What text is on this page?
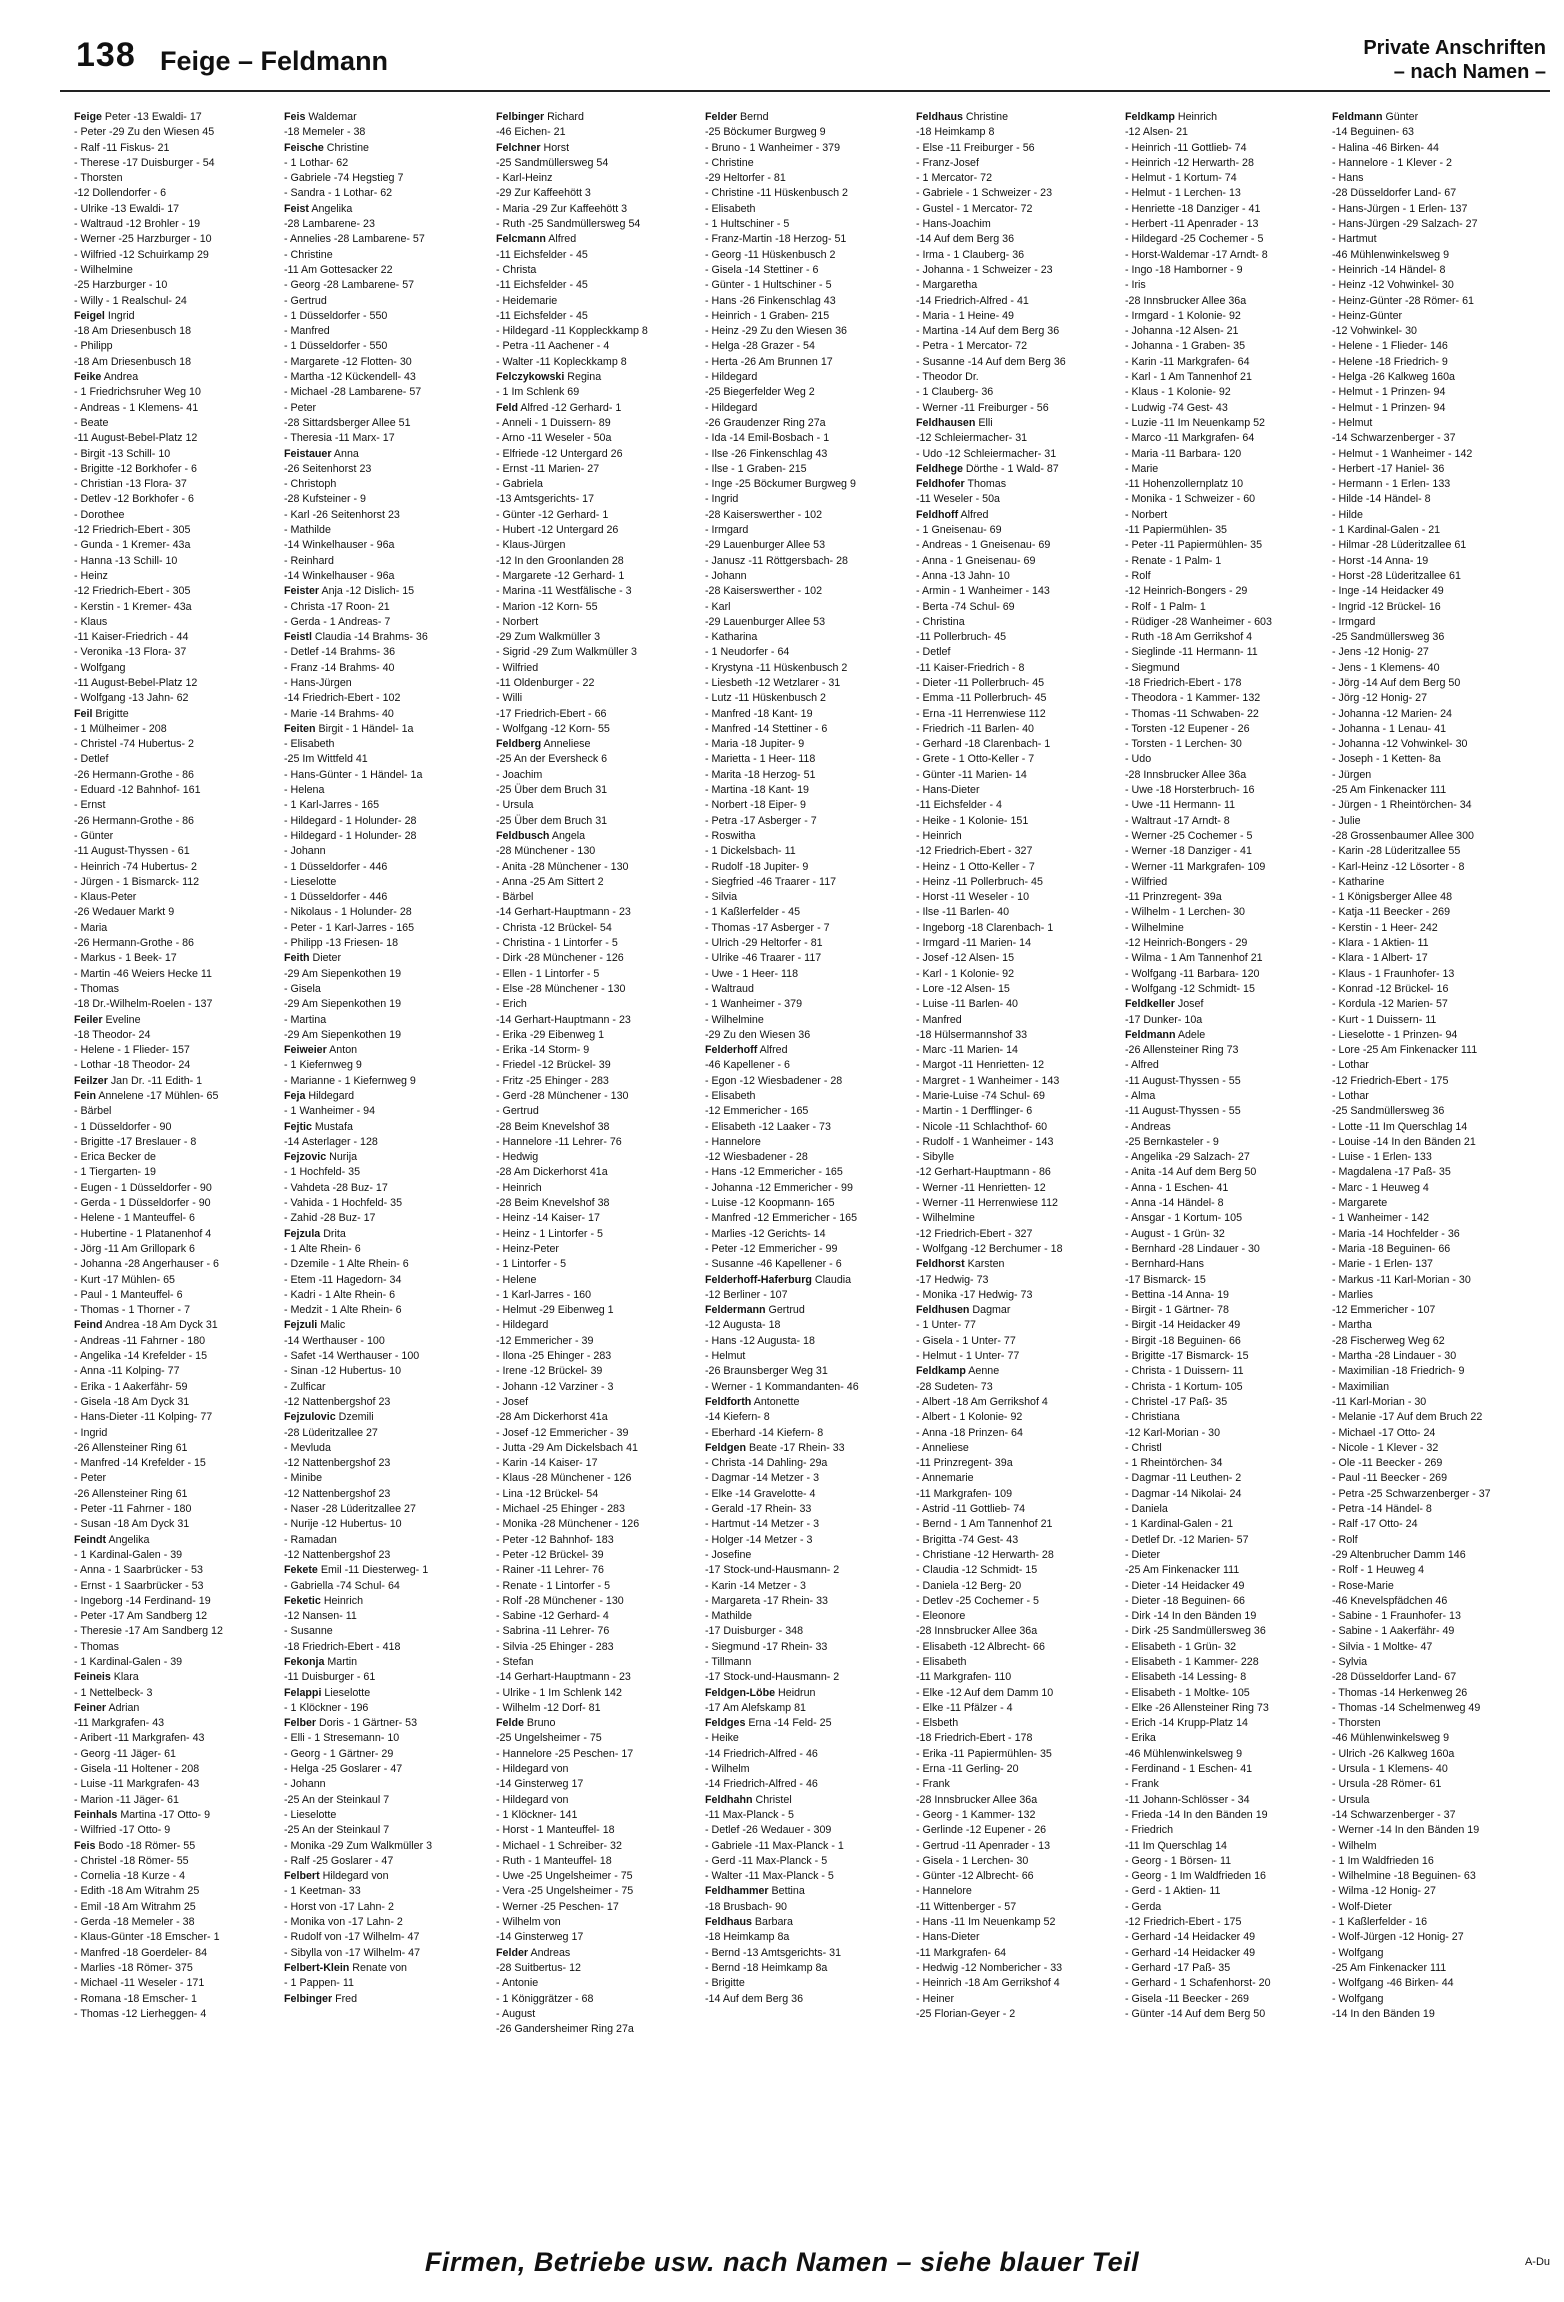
138 Feige – Feldmann	Private Anschriften
– nach Namen –
Feige Peter -13 Ewaldi- 17
- Peter -29 Zu den Wiesen 45
- Ralf -11 Fiskus- 21
- Therese -17 Duisburger - 54
- Thorsten
-12 Dollendorfer - 6
- Ulrike -13 Ewaldi- 17
- Waltraud -12 Brohler - 19
- Werner -25 Harzburger - 10
- Wilfried -12 Schuirkamp 29
- Wilhelmine
-25 Harzburger - 10
- Willy - 1 Realschul- 24
Feigel Ingrid
-18 Am Driesenbusch 18
- Philipp
-18 Am Driesenbusch 18
Feike Andrea
- 1 Friedrichsruher Weg 10
- Andreas - 1 Klemens- 41
- Beate
-11 August-Bebel-Platz 12
- Birgit -13 Schill- 10
- Brigitte -12 Borkhofer - 6
- Christian -13 Flora- 37
- Detlev -12 Borkhofer - 6
- Dorothee
-12 Friedrich-Ebert - 305
- Gunda - 1 Kremer- 43a
- Hanna -13 Schill- 10
- Heinz
-12 Friedrich-Ebert - 305
- Kerstin - 1 Kremer- 43a
- Klaus
-11 Kaiser-Friedrich - 44
- Veronika -13 Flora- 37
- Wolfgang
-11 August-Bebel-Platz 12
- Wolfgang -13 Jahn- 62
Feil Brigitte
- 1 Mülheimer - 208
- Christel -74 Hubertus- 2
- Detlef
-26 Hermann-Grothe - 86
- Eduard -12 Bahnhof- 161
- Ernst
-26 Hermann-Grothe - 86
- Günter
-11 August-Thyssen - 61
- Heinrich -74 Hubertus- 2
- Jürgen - 1 Bismarck- 112
- Klaus-Peter
-26 Wedauer Markt 9
- Maria
-26 Hermann-Grothe - 86
- Markus - 1 Beek- 17
- Martin -46 Weiers Hecke 11
- Thomas
-18 Dr.-Wilhelm-Roelen - 137
Feiler Eveline
-18 Theodor- 24
- Helene - 1 Flieder- 157
- Lothar -18 Theodor- 24
Feilzer Jan Dr. -11 Edith- 1
Fein Annelene -17 Mühlen- 65
- Bärbel
- 1 Düsseldorfer - 90
- Brigitte -17 Breslauer - 8
- Erica Becker de
- 1 Tiergarten- 19
- Eugen - 1 Düsseldorfer - 90
- Gerda - 1 Düsseldorfer - 90
- Helene - 1 Manteuffel- 6
- Hubertine - 1 Platanenhof 4
- Jörg -11 Am Grillopark 6
- Johanna -28 Angerhauser - 6
- Kurt -17 Mühlen- 65
- Paul - 1 Manteuffel- 6
- Thomas - 1 Thorner - 7
Feind Andrea -18 Am Dyck 31
- Andreas -11 Fahrner - 180
- Angelika -14 Krefelder - 15
- Anna -11 Kolping- 77
- Erika - 1 Aakerfähr- 59
- Gisela -18 Am Dyck 31
- Hans-Dieter -11 Kolping- 77
- Ingrid
-26 Allensteiner Ring 61
- Manfred -14 Krefelder - 15
- Peter
-26 Allensteiner Ring 61
- Peter -11 Fahrner - 180
- Susan -18 Am Dyck 31
Feindt Angelika
- 1 Kardinal-Galen - 39
- Anna - 1 Saarbrücker - 53
- Ernst - 1 Saarbrücker - 53
- Ingeborg -14 Ferdinand- 19
- Peter -17 Am Sandberg 12
- Theresie -17 Am Sandberg 12
- Thomas
- 1 Kardinal-Galen - 39
Feineis Klara
- 1 Nettelbeck- 3
Feiner Adrian
-11 Markgrafen- 43
- Aribert -11 Markgrafen- 43
- Georg -11 Jäger- 61
- Gisela -11 Holtener - 208
- Luise -11 Markgrafen- 43
- Marion -11 Jäger- 61
Feinhals Martina -17 Otto- 9
- Wilfried -17 Otto- 9
Feis Bodo -18 Römer- 55
- Christel -18 Römer- 55
- Cornelia -18 Kurze - 4
- Edith -18 Am Witrahm 25
- Emil -18 Am Witrahm 25
- Gerda -18 Memeler - 38
- Klaus-Günter -18 Emscher- 1
- Manfred -18 Goerdeler- 84
- Marlies -18 Römer- 375
- Michael -11 Weseler - 171
- Romana -18 Emscher- 1
- Thomas -12 Lierheggen- 4
Feis Waldemar
-18 Memeler - 38
Feische Christine
- 1 Lothar- 62
- Gabriele -74 Hegstieg 7
- Sandra - 1 Lothar- 62
Feist Angelika
-28 Lambarene- 23
- Annelies -28 Lambarene- 57
- Christine
-11 Am Gottesacker 22
- Georg -28 Lambarene- 57
- Gertrud
- 1 Düsseldorfer - 550
- Manfred
- 1 Düsseldorfer - 550
- Margarete -12 Flotten- 30
- Martha -12 Kückendell- 43
- Michael -28 Lambarene- 57
- Peter
-28 Sittardsberger Allee 51
- Theresia -11 Marx- 17
Feistauer Anna
-26 Seitenhorst 23
- Christoph
-28 Kufsteiner - 9
- Karl -26 Seitenhorst 23
- Mathilde
-14 Winkelhauser - 96a
- Reinhard
-14 Winkelhauser - 96a
Feister Anja -12 Dislich- 15
- Christa -17 Roon- 21
- Gerda - 1 Andreas- 7
Feistl Claudia -14 Brahms- 36
- Detlef -14 Brahms- 36
- Franz -14 Brahms- 40
- Hans-Jürgen
-14 Friedrich-Ebert - 102
- Marie -14 Brahms- 40
Feiten Birgit - 1 Händel- 1a
- Elisabeth
-25 Im Wittfeld 41
- Hans-Günter - 1 Händel- 1a
- Helena
- 1 Karl-Jarres - 165
- Hildegard - 1 Holunder- 28
- Hildegard - 1 Holunder- 28
- Johann
- 1 Düsseldorfer - 446
- Lieselotte
- 1 Düsseldorfer - 446
- Nikolaus - 1 Holunder- 28
- Peter - 1 Karl-Jarres - 165
- Philipp -13 Friesen- 18
Feith Dieter
-29 Am Siepenkothen 19
- Gisela
-29 Am Siepenkothen 19
- Martina
-29 Am Siepenkothen 19
Feiweier Anton
- 1 Kiefernweg 9
- Marianne - 1 Kiefernweg 9
Feja Hildegard
- 1 Wanheimer - 94
Fejtic Mustafa
-14 Asterlager - 128
Fejzovic Nurija
- 1 Hochfeld- 35
- Vahdeta -28 Buz- 17
- Vahida - 1 Hochfeld- 35
- Zahid -28 Buz- 17
Fejzula Drita
- 1 Alte Rhein- 6
- Dzemile - 1 Alte Rhein- 6
- Etem -11 Hagedorn- 34
- Kadri - 1 Alte Rhein- 6
- Medzit - 1 Alte Rhein- 6
Fejzuli Malic
-14 Werthauser - 100
- Safet -14 Werthauser - 100
- Sinan -12 Hubertus- 10
- Zulficar
-12 Nattenbergshof 23
Fejzulovic Dzemili
-28 Lüderitzallee 27
- Mevluda
-12 Nattenbergshof 23
- Minibe
-12 Nattenbergshof 23
- Naser -28 Lüderitzallee 27
- Nurije -12 Hubertus- 10
- Ramadan
-12 Nattenbergshof 23
Fekete Emil -11 Diesterweg- 1
- Gabriella -74 Schul- 64
Feketic Heinrich
-12 Nansen- 11
- Susanne
-18 Friedrich-Ebert - 418
Fekonja Martin
-11 Duisburger - 61
Felappi Lieselotte
- 1 Klöckner - 196
Felber Doris - 1 Gärtner- 53
- Elli - 1 Stresemann- 10
- Georg - 1 Gärtner- 29
- Helga -25 Goslarer - 47
- Johann
-25 An der Steinkaul 7
- Lieselotte
-25 An der Steinkaul 7
- Monika -29 Zum Walkmüller 3
- Ralf -25 Goslarer - 47
Felbert Hildegard von
- 1 Keetman- 33
- Horst von -17 Lahn- 2
- Monika von -17 Lahn- 2
- Rudolf von -17 Wilhelm- 47
- Sibylla von -17 Wilhelm- 47
Felbert-Klein Renate von
- 1 Pappen- 11
Felbinger Fred
Felbinger Richard
-46 Eichen- 21
Felchner Horst
-25 Sandmüllersweg 54
- Karl-Heinz
-29 Zur Kaffeehött 3
- Maria -29 Zur Kaffeehött 3
- Ruth -25 Sandmüllersweg 54
Felcmann Alfred
-11 Eichsfelder - 45
- Christa
-11 Eichsfelder - 45
- Heidemarie
-11 Eichsfelder - 45
- Hildegard -11 Koppleckkamp 8
- Petra -11 Aachener - 4
- Walter -11 Kopleckkamp 8
Felczykowski Regina
- 1 Im Schlenk 69
Feld Alfred -12 Gerhard- 1
- Anneli - 1 Duissern- 89
- Arno -11 Weseler - 50a
- Elfriede -12 Untergard 26
- Ernst -11 Marien- 27
- Gabriela
-13 Amtsgerichts- 17
- Günter -12 Gerhard- 1
- Hubert -12 Untergard 26
- Klaus-Jürgen
-12 In den Groonlanden 28
- Margarete -12 Gerhard- 1
- Marina -11 Westfälische - 3
- Marion -12 Korn- 55
- Norbert
-29 Zum Walkmüller 3
- Sigrid -29 Zum Walkmüller 3
- Wilfried
-11 Oldenburger - 22
- Willi
-17 Friedrich-Ebert - 66
- Wolfgang -12 Korn- 55
Feldberg Anneliese
-25 An der Eversheck 6
- Joachim
-25 Über dem Bruch 31
- Ursula
-25 Über dem Bruch 31
Feldbusch Angela
-28 Münchener - 130
- Anita -28 Münchener - 130
- Anna -25 Am Sittert 2
- Bärbel
-14 Gerhart-Hauptmann - 23
- Christa -12 Brückel- 54
- Christina - 1 Lintorfer - 5
- Dirk -28 Münchener - 126
- Ellen - 1 Lintorfer - 5
- Else -28 Münchener - 130
- Erich
-14 Gerhart-Hauptmann - 23
- Erika -29 Eibenweg 1
- Erika -14 Storm- 9
- Friedel -12 Brückel- 39
- Fritz -25 Ehinger - 283
- Gerd -28 Münchener - 130
- Gertrud
-28 Beim Knevelshof 38
- Hannelore -11 Lehrer- 76
- Hedwig
-28 Am Dickerhorst 41a
- Heinrich
-28 Beim Knevelshof 38
- Heinz -14 Kaiser- 17
- Heinz - 1 Lintorfer - 5
- Heinz-Peter
- 1 Lintorfer - 5
- Helene
- 1 Karl-Jarres - 160
- Helmut -29 Eibenweg 1
- Hildegard
-12 Emmericher - 39
- Ilona -25 Ehinger - 283
- Irene -12 Brückel- 39
- Johann -12 Varziner - 3
- Josef
-28 Am Dickerhorst 41a
- Josef -12 Emmericher - 39
- Jutta -29 Am Dickelsbach 41
- Karin -14 Kaiser- 17
- Klaus -28 Münchener - 126
- Lina -12 Brückel- 54
- Michael -25 Ehinger - 283
- Monika -28 Münchener - 126
- Peter -12 Bahnhof- 183
- Peter -12 Brückel- 39
- Rainer -11 Lehrer- 76
- Renate - 1 Lintorfer - 5
- Rolf -28 Münchener - 130
- Sabine -12 Gerhard- 4
- Sabrina -11 Lehrer- 76
- Silvia -25 Ehinger - 283
- Stefan
-14 Gerhart-Hauptmann - 23
- Ulrike - 1 Im Schlenk 142
- Wilhelm -12 Dorf- 81
Felde Bruno
-25 Ungelsheimer - 75
- Hannelore -25 Peschen- 17
- Hildegard von
-14 Ginsterweg 17
- Hildegard von
- 1 Klöckner- 141
- Horst - 1 Manteuffel- 18
- Michael - 1 Schreiber- 32
- Ruth - 1 Manteuffel- 18
- Uwe -25 Ungelsheimer - 75
- Vera -25 Ungelsheimer - 75
- Werner -25 Peschen- 17
- Wilhelm von
-14 Ginsterweg 17
Felder Andreas
-28 Suitbertus- 12
- Antonie
- 1 Königgrätzer - 68
- August
-26 Gandersheimer Ring 27a
Felder Bernd
-25 Böckumer Burgweg 9
- Bruno - 1 Wanheimer - 379
- Christine
-29 Heltorfer - 81
- Christine -11 Hüskenbusch 2
- Elisabeth
- 1 Hultschiner - 5
- Franz-Martin -18 Herzog- 51
- Georg -11 Hüskenbusch 2
- Gisela -14 Stettiner - 6
- Günter - 1 Hultschiner - 5
- Hans -26 Finkenschlag 43
- Heinrich - 1 Graben- 215
- Heinz -29 Zu den Wiesen 36
- Helga -28 Grazer - 54
- Herta -26 Am Brunnen 17
- Hildegard
-25 Biegerfelder Weg 2
- Hildegard
-26 Graudenzer Ring 27a
- Ida -14 Emil-Bosbach - 1
- Ilse -26 Finkenschlag 43
- Ilse - 1 Graben- 215
- Inge -25 Böckumer Burgweg 9
- Ingrid
-28 Kaiserswerther - 102
- Irmgard
-29 Lauenburger Allee 53
- Janusz -11 Röttgersbach- 28
- Johann
-28 Kaiserswerther - 102
- Karl
-29 Lauenburger Allee 53
- Katharina
- 1 Neudorfer - 64
- Krystyna -11 Hüskenbusch 2
- Liesbeth -12 Wetzlarer - 31
- Lutz -11 Hüskenbusch 2
- Manfred -18 Kant- 19
- Manfred -14 Stettiner - 6
- Maria -18 Jupiter- 9
- Marietta - 1 Heer- 118
- Marita -18 Herzog- 51
- Martina -18 Kant- 19
- Norbert -18 Eiper- 9
- Petra -17 Asberger - 7
- Roswitha
- 1 Dickelsbach- 11
- Rudolf -18 Jupiter- 9
- Siegfried -46 Traarer - 117
- Silvia
- 1 Kaßlerfelder - 45
- Thomas -17 Asberger - 7
- Ulrich -29 Heltorfer - 81
- Ulrike -46 Traarer - 117
- Uwe - 1 Heer- 118
- Waltraud
- 1 Wanheimer - 379
- Wilhelmine
-29 Zu den Wiesen 36
Felderhoff Alfred
-46 Kapellener - 6
- Egon -12 Wiesbadener - 28
- Elisabeth
-12 Emmericher - 165
- Elisabeth -12 Laaker - 73
- Hannelore
-12 Wiesbadener - 28
- Hans -12 Emmericher - 165
- Johanna -12 Emmericher - 99
- Luise -12 Koopmann- 165
- Manfred -12 Emmericher - 165
- Marlies -12 Gerichts- 14
- Peter -12 Emmericher - 99
- Susanne -46 Kapellener - 6
Felderhoff-Haferburg Claudia
-12 Berliner - 107
Feldermann Gertrud
-12 Augusta- 18
- Hans -12 Augusta- 18
- Helmut
-26 Braunsberger Weg 31
- Werner - 1 Kommandanten- 46
Feldforth Antonette
-14 Kiefern- 8
- Eberhard -14 Kiefern- 8
Feldgen Beate -17 Rhein- 33
- Christa -14 Dahling- 29a
- Dagmar -14 Metzer - 3
- Elke -14 Gravelotte- 4
- Gerald -17 Rhein- 33
- Hartmut -14 Metzer - 3
- Holger -14 Metzer - 3
- Josefine
-17 Stock-und-Hausmann- 2
- Karin -14 Metzer - 3
- Margareta -17 Rhein- 33
- Mathilde
-17 Duisburger - 348
- Siegmund -17 Rhein- 33
- Tillmann
-17 Stock-und-Hausmann- 2
Feldgen-Löbe Heidrun
-17 Am Alefskamp 81
Feldges Erna -14 Feld- 25
- Heike
-14 Friedrich-Alfred - 46
- Wilhelm
-14 Friedrich-Alfred - 46
Feldhahn Christel
-11 Max-Planck - 5
- Detlef -26 Wedauer - 309
- Gabriele -11 Max-Planck - 1
- Gerd -11 Max-Planck - 5
- Walter -11 Max-Planck - 5
Feldhammer Bettina
-18 Brusbach- 90
Feldhaus Barbara
-18 Heimkamp 8a
- Bernd -13 Amtsgerichts- 31
- Bernd -18 Heimkamp 8a
- Brigitte
-14 Auf dem Berg 36
Feldhaus Christine
-18 Heimkamp 8
- Else -11 Freiburger - 56
- Franz-Josef
- 1 Mercator- 72
- Gabriele - 1 Schweizer - 23
- Gustel - 1 Mercator- 72
- Hans-Joachim
-14 Auf dem Berg 36
- Irma - 1 Clauberg- 36
- Johanna - 1 Schweizer - 23
- Margaretha
-14 Friedrich-Alfred - 41
- Maria - 1 Heine- 49
- Martina -14 Auf dem Berg 36
- Petra - 1 Mercator- 72
- Susanne -14 Auf dem Berg 36
- Theodor Dr.
- 1 Clauberg- 36
- Werner -11 Freiburger - 56
Feldhausen Elli
-12 Schleiermacher- 31
- Udo -12 Schleiermacher- 31
Feldhege Dörthe - 1 Wald- 87
Feldhofer Thomas
-11 Weseler - 50a
Feldhoff Alfred
- 1 Gneisenau- 69
- Andreas - 1 Gneisenau- 69
- Anna - 1 Gneisenau- 69
- Anna -13 Jahn- 10
- Armin - 1 Wanheimer - 143
- Berta -74 Schul- 69
- Christina
-11 Pollerbruch- 45
- Detlef
-11 Kaiser-Friedrich - 8
- Dieter -11 Pollerbruch- 45
- Emma -11 Pollerbruch- 45
- Erna -11 Herrenwiese 112
- Friedrich -11 Barlen- 40
- Gerhard -18 Clarenbach- 1
- Grete - 1 Otto-Keller - 7
- Günter -11 Marien- 14
- Hans-Dieter
-11 Eichsfelder - 4
- Heike - 1 Kolonie- 151
- Heinrich
-12 Friedrich-Ebert - 327
- Heinz - 1 Otto-Keller - 7
- Heinz -11 Pollerbruch- 45
- Horst -11 Weseler - 10
- Ilse -11 Barlen- 40
- Ingeborg -18 Clarenbach- 1
- Irmgard -11 Marien- 14
- Josef -12 Alsen- 15
- Karl - 1 Kolonie- 92
- Lore -12 Alsen- 15
- Luise -11 Barlen- 40
- Manfred
-18 Hülsermannshof 33
- Marc -11 Marien- 14
- Margot -11 Henrietten- 12
- Margret - 1 Wanheimer - 143
- Marie-Luise -74 Schul- 69
- Martin - 1 Derfflinger- 6
- Nicole -11 Schlachthof- 60
- Rudolf - 1 Wanheimer - 143
- Sibylle
-12 Gerhart-Hauptmann - 86
- Werner -11 Henrietten- 12
- Werner -11 Herrenwiese 112
- Wilhelmine
-12 Friedrich-Ebert - 327
- Wolfgang -12 Berchumer - 18
Feldhorst Karsten
-17 Hedwig- 73
- Monika -17 Hedwig- 73
Feldhusen Dagmar
- 1 Unter- 77
- Gisela - 1 Unter- 77
- Helmut - 1 Unter- 77
Feldkamp Aenne
-28 Sudeten- 73
- Albert -18 Am Gerrikshof 4
- Albert - 1 Kolonie- 92
- Anna -18 Prinzen- 64
- Anneliese
-11 Prinzregent- 39a
- Annemarie
-11 Markgrafen- 109
- Astrid -11 Gottlieb- 74
- Bernd - 1 Am Tannenhof 21
- Brigitta -74 Gest- 43
- Christiane -12 Herwarth- 28
- Claudia -12 Schmidt- 15
- Daniela -12 Berg- 20
- Detlev -25 Cochemer - 5
- Eleonore
-28 Innsbrucker Allee 36a
- Elisabeth -12 Albrecht- 66
- Elisabeth
-11 Markgrafen- 110
- Elke -12 Auf dem Damm 10
- Elke -11 Pfälzer - 4
- Elsbeth
-18 Friedrich-Ebert - 178
- Erika -11 Papiermühlen- 35
- Erna -11 Gerling- 20
- Frank
-28 Innsbrucker Allee 36a
- Georg - 1 Kammer- 132
- Gerlinde -12 Eupener - 26
- Gertrud -11 Apenrader - 13
- Gisela - 1 Lerchen- 30
- Günter -12 Albrecht- 66
- Hannelore
-11 Wittenberger - 57
- Hans -11 Im Neuenkamp 52
- Hans-Dieter
-11 Markgrafen- 64
- Hedwig -12 Nombericher - 33
- Heinrich -18 Am Gerrikshof 4
- Heiner
-25 Florian-Geyer - 2
Feldkamp Heinrich
-12 Alsen- 21
- Heinrich -11 Gottlieb- 74
- Heinrich -12 Herwarth- 28
- Helmut - 1 Kortum- 74
- Helmut - 1 Lerchen- 13
- Henriette -18 Danziger - 41
- Herbert -11 Apenrader - 13
- Hildegard -25 Cochemer - 5
- Horst-Waldemar -17 Arndt- 8
- Ingo -18 Hamborner - 9
- Iris
-28 Innsbrucker Allee 36a
- Irmgard - 1 Kolonie- 92
- Johanna -12 Alsen- 21
- Johanna - 1 Graben- 35
- Karin -11 Markgrafen- 64
- Karl - 1 Am Tannenhof 21
- Klaus - 1 Kolonie- 92
- Ludwig -74 Gest- 43
- Luzie -11 Im Neuenkamp 52
- Marco -11 Markgrafen- 64
- Maria -11 Barbara- 120
- Marie
-11 Hohenzollernplatz 10
- Monika - 1 Schweizer - 60
- Norbert
-11 Papiermühlen- 35
- Peter -11 Papiermühlen- 35
- Renate - 1 Palm- 1
- Rolf
-12 Heinrich-Bongers - 29
- Rolf - 1 Palm- 1
- Rüdiger -28 Wanheimer - 603
- Ruth -18 Am Gerrikshof 4
- Sieglinde -11 Hermann- 11
- Siegmund
-18 Friedrich-Ebert - 178
- Theodora - 1 Kammer- 132
- Thomas -11 Schwaben- 22
- Torsten -12 Eupener - 26
- Torsten - 1 Lerchen- 30
- Udo
-28 Innsbrucker Allee 36a
- Uwe -18 Horsterbruch- 16
- Uwe -11 Hermann- 11
- Waltraut -17 Arndt- 8
- Werner -25 Cochemer - 5
- Werner -18 Danziger - 41
- Werner -11 Markgrafen- 109
- Wilfried
-11 Prinzregent- 39a
- Wilhelm - 1 Lerchen- 30
- Wilhelmine
-12 Heinrich-Bongers - 29
- Wilma - 1 Am Tannenhof 21
- Wolfgang -11 Barbara- 120
- Wolfgang -12 Schmidt- 15
Feldkeller Josef
-17 Dunker- 10a
Feldmann Adele
-26 Allensteiner Ring 73
- Alfred
-11 August-Thyssen - 55
- Alma
-11 August-Thyssen - 55
- Andreas
-25 Bernkasteler - 9
- Angelika -29 Salzach- 27
- Anita -14 Auf dem Berg 50
- Anna - 1 Eschen- 41
- Anna -14 Händel- 8
- Ansgar - 1 Kortum- 105
- August - 1 Grün- 32
- Bernhard -28 Lindauer - 30
- Bernhard-Hans
-17 Bismarck- 15
- Bettina -14 Anna- 19
- Birgit - 1 Gärtner- 78
- Birgit -14 Heidacker 49
- Birgit -18 Beguinen- 66
- Brigitte -17 Bismarck- 15
- Christa - 1 Duissern- 11
- Christa - 1 Kortum- 105
- Christel -17 Paß- 35
- Christiana
-12 Karl-Morian - 30
- Christl
- 1 Rheintörchen- 34
- Dagmar -11 Leuthen- 2
- Dagmar -14 Nikolai- 24
- Daniela
- 1 Kardinal-Galen - 21
- Detlef Dr. -12 Marien- 57
- Dieter
-25 Am Finkenacker 111
- Dieter -14 Heidacker 49
- Dieter -18 Beguinen- 66
- Dirk -14 In den Bänden 19
- Dirk -25 Sandmüllersweg 36
- Elisabeth - 1 Grün- 32
- Elisabeth - 1 Kammer- 228
- Elisabeth -14 Lessing- 8
- Elisabeth - 1 Moltke- 105
- Elke -26 Allensteiner Ring 73
- Erich -14 Krupp-Platz 14
- Erika
-46 Mühlenwinkelsweg 9
- Ferdinand - 1 Eschen- 41
- Frank
-11 Johann-Schlösser - 34
- Frieda -14 In den Bänden 19
- Friedrich
-11 Im Querschlag 14
- Georg - 1 Börsen- 11
- Georg - 1 Im Waldfrieden 16
- Gerd - 1 Aktien- 11
- Gerda
-12 Friedrich-Ebert - 175
- Gerhard -14 Heidacker 49
- Gerhard -14 Heidacker 49
- Gerhard -17 Paß- 35
- Gerhard - 1 Schafenhorst- 20
- Gisela -11 Beecker - 269
- Günter -14 Auf dem Berg 50
Feldmann Günter
-14 Beguinen- 63
- Halina -46 Birken- 44
- Hannelore - 1 Klever - 2
- Hans
-28 Düsseldorfer Land- 67
- Hans-Jürgen - 1 Erlen- 137
- Hans-Jürgen -29 Salzach- 27
- Hartmut
-46 Mühlenwinkelsweg 9
- Heinrich -14 Händel- 8
- Heinz -12 Vohwinkel- 30
- Heinz-Günter -28 Römer- 61
- Heinz-Günter
-12 Vohwinkel- 30
- Helene - 1 Flieder- 146
- Helene -18 Friedrich- 9
- Helga -26 Kalkweg 160a
- Helmut - 1 Prinzen- 94
- Helmut - 1 Prinzen- 94
- Helmut
-14 Schwarzenberger - 37
- Helmut - 1 Wanheimer - 142
- Herbert -17 Haniel- 36
- Hermann - 1 Erlen- 133
- Hilde -14 Händel- 8
- Hilde
- 1 Kardinal-Galen - 21
- Hilmar -28 Lüderitzallee 61
- Horst -14 Anna- 19
- Horst -28 Lüderitzallee 61
- Inge -14 Heidacker 49
- Ingrid -12 Brückel- 16
- Irmgard
-25 Sandmüllersweg 36
- Jens -12 Honig- 27
- Jens - 1 Klemens- 40
- Jörg -14 Auf dem Berg 50
- Jörg -12 Honig- 27
- Johanna -12 Marien- 24
- Johanna - 1 Lenau- 41
- Johanna -12 Vohwinkel- 30
- Joseph - 1 Ketten- 8a
- Jürgen
-25 Am Finkenacker 111
- Jürgen - 1 Rheintörchen- 34
- Julie
-28 Grossenbaumer Allee 300
- Karin -28 Lüderitzallee 55
- Karl-Heinz -12 Lösorter - 8
- Katharine
- 1 Königsberger Allee 48
- Katja -11 Beecker - 269
- Kerstin - 1 Heer- 242
- Klara - 1 Aktien- 11
- Klara - 1 Albert- 17
- Klaus - 1 Fraunhofer- 13
- Konrad -12 Brückel- 16
- Kordula -12 Marien- 57
- Kurt - 1 Duissern- 11
- Lieselotte - 1 Prinzen- 94
- Lore -25 Am Finkenacker 111
- Lothar
-12 Friedrich-Ebert - 175
- Lothar
-25 Sandmüllersweg 36
- Lotte -11 Im Querschlag 14
- Louise -14 In den Bänden 21
- Luise - 1 Erlen- 133
- Magdalena -17 Paß- 35
- Marc - 1 Heuweg 4
- Margarete
- 1 Wanheimer - 142
- Maria -14 Hochfelder - 36
- Maria -18 Beguinen- 66
- Marie - 1 Erlen- 137
- Markus -11 Karl-Morian - 30
- Marlies
-12 Emmericher - 107
- Martha
-28 Fischerweg Weg 62
- Martha -28 Lindauer - 30
- Maximilian -18 Friedrich- 9
- Maximilian
-11 Karl-Morian - 30
- Melanie -17 Auf dem Bruch 22
- Michael -17 Otto- 24
- Nicole - 1 Klever - 32
- Ole -11 Beecker - 269
- Paul -11 Beecker - 269
- Petra -25 Schwarzenberger - 37
- Petra -14 Händel- 8
- Ralf -17 Otto- 24
- Rolf
-29 Altenbrucher Damm 146
- Rolf - 1 Heuweg 4
- Rose-Marie
-46 Knevelspfädchen 46
- Sabine - 1 Fraunhofer- 13
- Sabine - 1 Aakerfähr- 49
- Silvia - 1 Moltke- 47
- Sylvia
-28 Düsseldorfer Land- 67
- Thomas -14 Herkenweg 26
- Thomas -14 Schelmenweg 49
- Thorsten
-46 Mühlenwinkelsweg 9
- Ulrich -26 Kalkweg 160a
- Ursula - 1 Klemens- 40
- Ursula -28 Römer- 61
- Ursula
-14 Schwarzenberger - 37
- Werner -14 In den Bänden 19
- Wilhelm
- 1 Im Waldfrieden 16
- Wilhelmine -18 Beguinen- 63
- Wilma -12 Honig- 27
- Wolf-Dieter
- 1 Kaßlerfelder - 16
- Wolf-Jürgen -12 Honig- 27
- Wolfgang
-25 Am Finkenacker 111
- Wolfgang -46 Birken- 44
- Wolfgang
-14 In den Bänden 19
Firmen, Betriebe usw. nach Namen – siehe blauer Teil	A-Du
